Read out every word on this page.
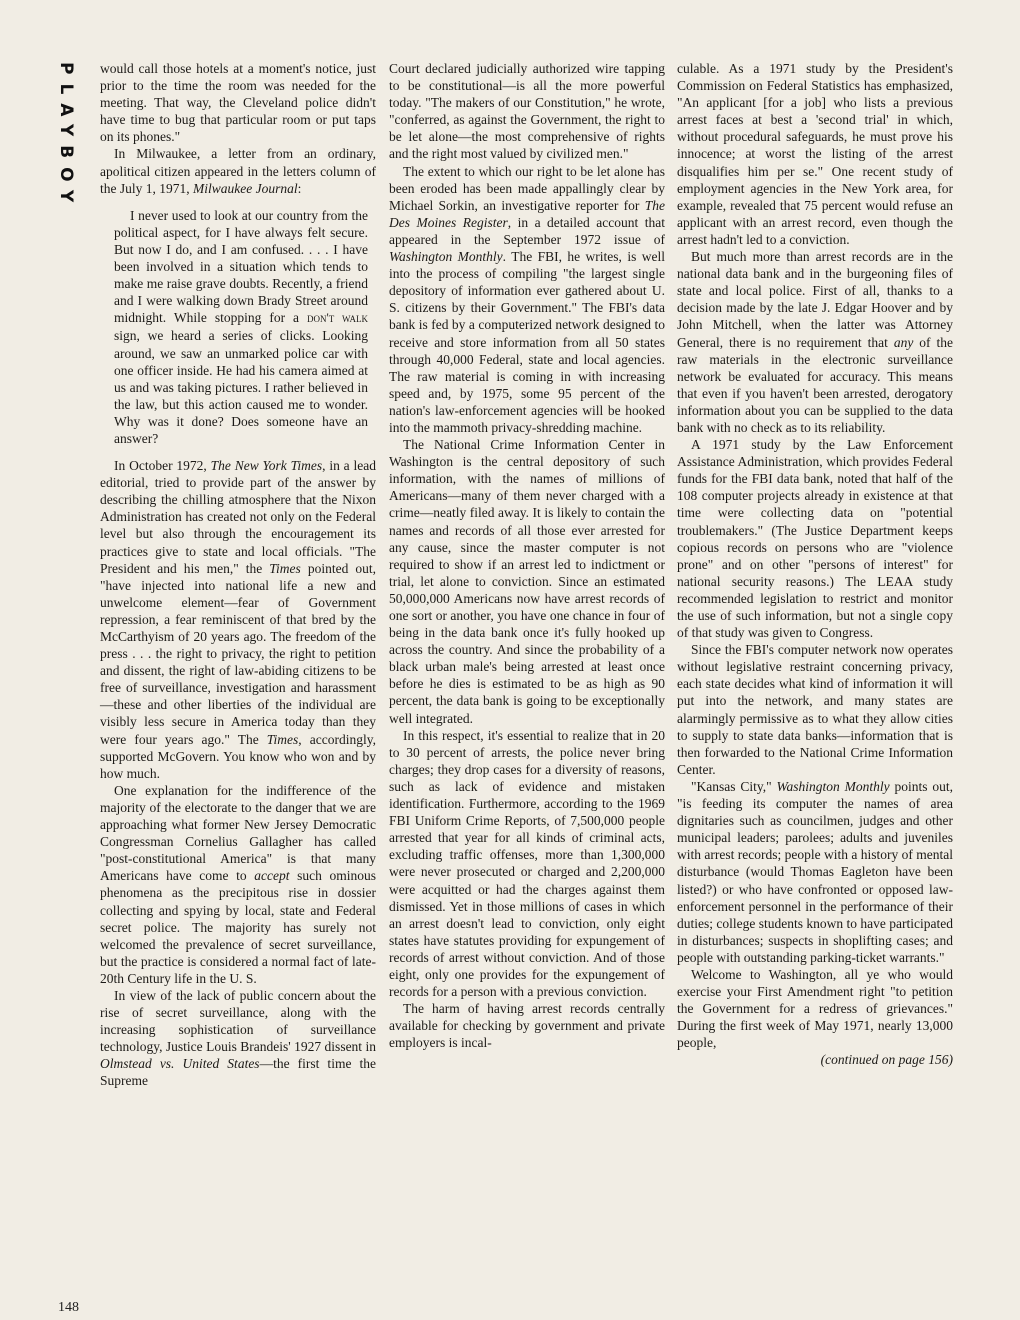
PLAYBOY would call those hotels at a moment's notice, just prior to the time the room was needed for the meeting. That way, the Cleveland police didn't have time to bug that particular room or put taps on its phones."

In Milwaukee, a letter from an ordinary, apolitical citizen appeared in the letters column of the July 1, 1971, Milwaukee Journal:

I never used to look at our country from the political aspect, for I have always felt secure. But now I do, and I am confused. . . . I have been involved in a situation which tends to make me raise grave doubts. Recently, a friend and I were walking down Brady Street around midnight. While stopping for a don't walk sign, we heard a series of clicks. Looking around, we saw an unmarked police car with one officer inside. He had his camera aimed at us and was taking pictures. I rather believed in the law, but this action caused me to wonder. Why was it done? Does someone have an answer?

In October 1972, The New York Times, in a lead editorial, tried to provide part of the answer by describing the chilling atmosphere that the Nixon Administration has created not only on the Federal level but also through the encouragement its practices give to state and local officials. "The President and his men," the Times pointed out, "have injected into national life a new and unwelcome element—fear of Government repression, a fear reminiscent of that bred by the McCarthyism of 20 years ago. The freedom of the press . . . the right to privacy, the right to petition and dissent, the right of law-abiding citizens to be free of surveillance, investigation and harassment—these and other liberties of the individual are visibly less secure in America today than they were four years ago." The Times, accordingly, supported McGovern. You know who won and by how much.

One explanation for the indifference of the majority of the electorate to the danger that we are approaching what former New Jersey Democratic Congressman Cornelius Gallagher has called "post-constitutional America" is that many Americans have come to accept such ominous phenomena as the precipitous rise in dossier collecting and spying by local, state and Federal secret police. The majority has surely not welcomed the prevalence of secret surveillance, but the practice is considered a normal fact of late-20th Century life in the U. S.

In view of the lack of public concern about the rise of secret surveillance, along with the increasing sophistication of surveillance technology, Justice Louis Brandeis' 1927 dissent in Olmstead vs. United States—the first time the Supreme

Court declared judicially authorized wire tapping to be constitutional—is all the more powerful today. "The makers of our Constitution," he wrote, "conferred, as against the Government, the right to be let alone—the most comprehensive of rights and the right most valued by civilized men."

The extent to which our right to be let alone has been eroded has been made appallingly clear by Michael Sorkin, an investigative reporter for The Des Moines Register, in a detailed account that appeared in the September 1972 issue of Washington Monthly. The FBI, he writes, is well into the process of compiling "the largest single depository of information ever gathered about U. S. citizens by their Government." The FBI's data bank is fed by a computerized network designed to receive and store information from all 50 states through 40,000 Federal, state and local agencies. The raw material is coming in with increasing speed and, by 1975, some 95 percent of the nation's law-enforcement agencies will be hooked into the mammoth privacy-shredding machine.

The National Crime Information Center in Washington is the central depository of such information, with the names of millions of Americans—many of them never charged with a crime—neatly filed away. It is likely to contain the names and records of all those ever arrested for any cause, since the master computer is not required to show if an arrest led to indictment or trial, let alone to conviction. Since an estimated 50,000,000 Americans now have arrest records of one sort or another, you have one chance in four of being in the data bank once it's fully hooked up across the country. And since the probability of a black urban male's being arrested at least once before he dies is estimated to be as high as 90 percent, the data bank is going to be exceptionally well integrated.

In this respect, it's essential to realize that in 20 to 30 percent of arrests, the police never bring charges; they drop cases for a diversity of reasons, such as lack of evidence and mistaken identification. Furthermore, according to the 1969 FBI Uniform Crime Reports, of 7,500,000 people arrested that year for all kinds of criminal acts, excluding traffic offenses, more than 1,300,000 were never prosecuted or charged and 2,200,000 were acquitted or had the charges against them dismissed. Yet in those millions of cases in which an arrest doesn't lead to conviction, only eight states have statutes providing for expungement of records of arrest without conviction. And of those eight, only one provides for the expungement of records for a person with a previous conviction.

The harm of having arrest records centrally available for checking by government and private employers is incal-

culable. As a 1971 study by the President's Commission on Federal Statistics has emphasized, "An applicant [for a job] who lists a previous arrest faces at best a 'second trial' in which, without procedural safeguards, he must prove his innocence; at worst the listing of the arrest disqualifies him per se." One recent study of employment agencies in the New York area, for example, revealed that 75 percent would refuse an applicant with an arrest record, even though the arrest hadn't led to a conviction.

But much more than arrest records are in the national data bank and in the burgeoning files of state and local police. First of all, thanks to a decision made by the late J. Edgar Hoover and by John Mitchell, when the latter was Attorney General, there is no requirement that any of the raw materials in the electronic surveillance network be evaluated for accuracy. This means that even if you haven't been arrested, derogatory information about you can be supplied to the data bank with no check as to its reliability.

A 1971 study by the Law Enforcement Assistance Administration, which provides Federal funds for the FBI data bank, noted that half of the 108 computer projects already in existence at that time were collecting data on "potential troublemakers." (The Justice Department keeps copious records on persons who are "violence prone" and on other "persons of interest" for national security reasons.) The LEAA study recommended legislation to restrict and monitor the use of such information, but not a single copy of that study was given to Congress.

Since the FBI's computer network now operates without legislative restraint concerning privacy, each state decides what kind of information it will put into the network, and many states are alarmingly permissive as to what they allow cities to supply to state data banks—information that is then forwarded to the National Crime Information Center.

"Kansas City," Washington Monthly points out, "is feeding its computer the names of area dignitaries such as councilmen, judges and other municipal leaders; parolees; adults and juveniles with arrest records; people with a history of mental disturbance (would Thomas Eagleton have been listed?) or who have confronted or opposed law-enforcement personnel in the performance of their duties; college students known to have participated in disturbances; suspects in shoplifting cases; and people with outstanding parking-ticket warrants."

Welcome to Washington, all ye who would exercise your First Amendment right "to petition the Government for a redress of grievances." During the first week of May 1971, nearly 13,000 people,

(continued on page 156)

148
